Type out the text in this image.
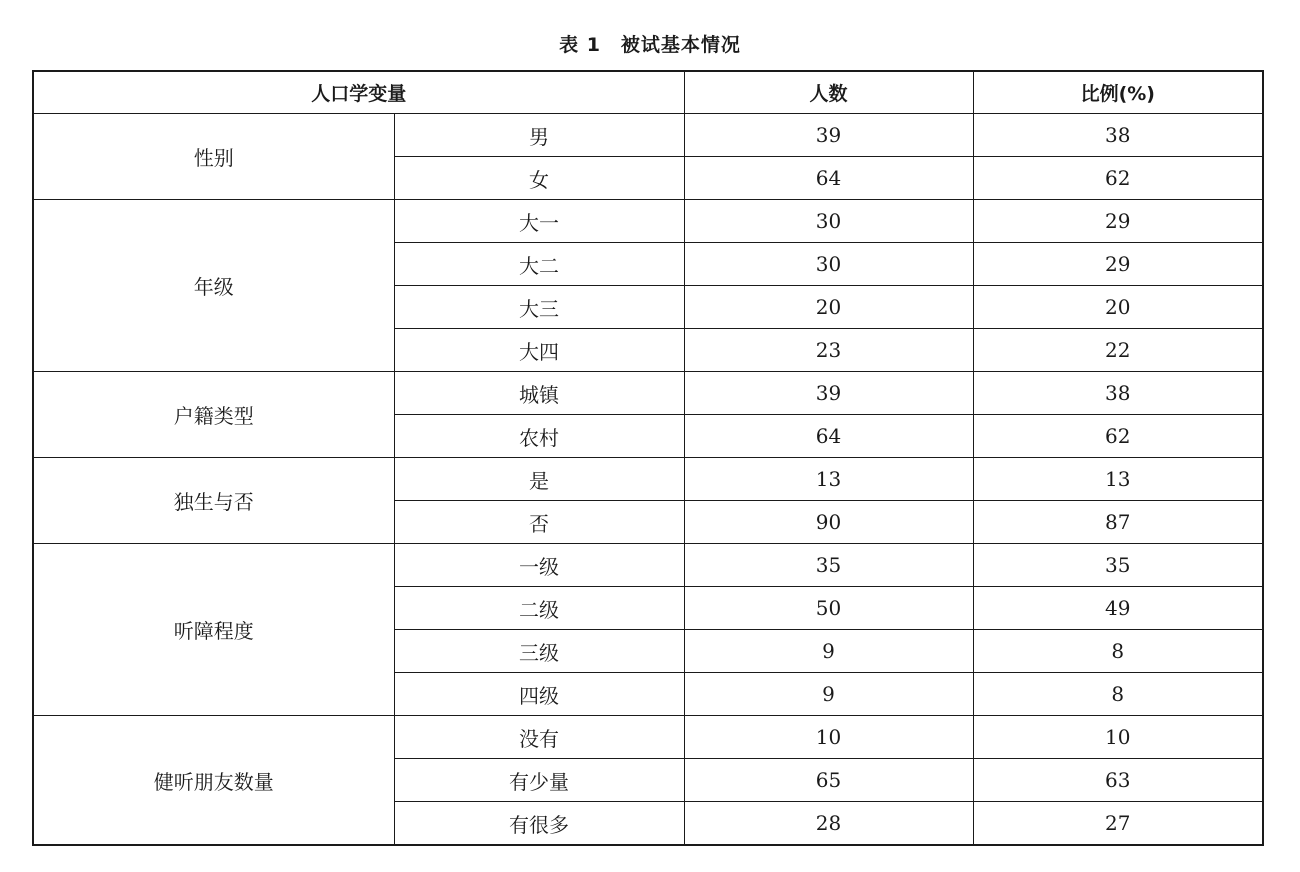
表 1　被试基本情况
人口学变量		人数	比例(%)
性别	男	39	38
	女	64	62
年级	大一	30	29
	大二	30	29
	大三	20	20
	大四	23	22
户籍类型	城镇	39	38
	农村	64	62
独生与否	是	13	13
	否	90	87
听障程度	一级	35	35
	二级	50	49
	三级	9	8
	四级	9	8
健听朋友数量	没有	10	10
	有少量	65	63
	有很多	28	27
